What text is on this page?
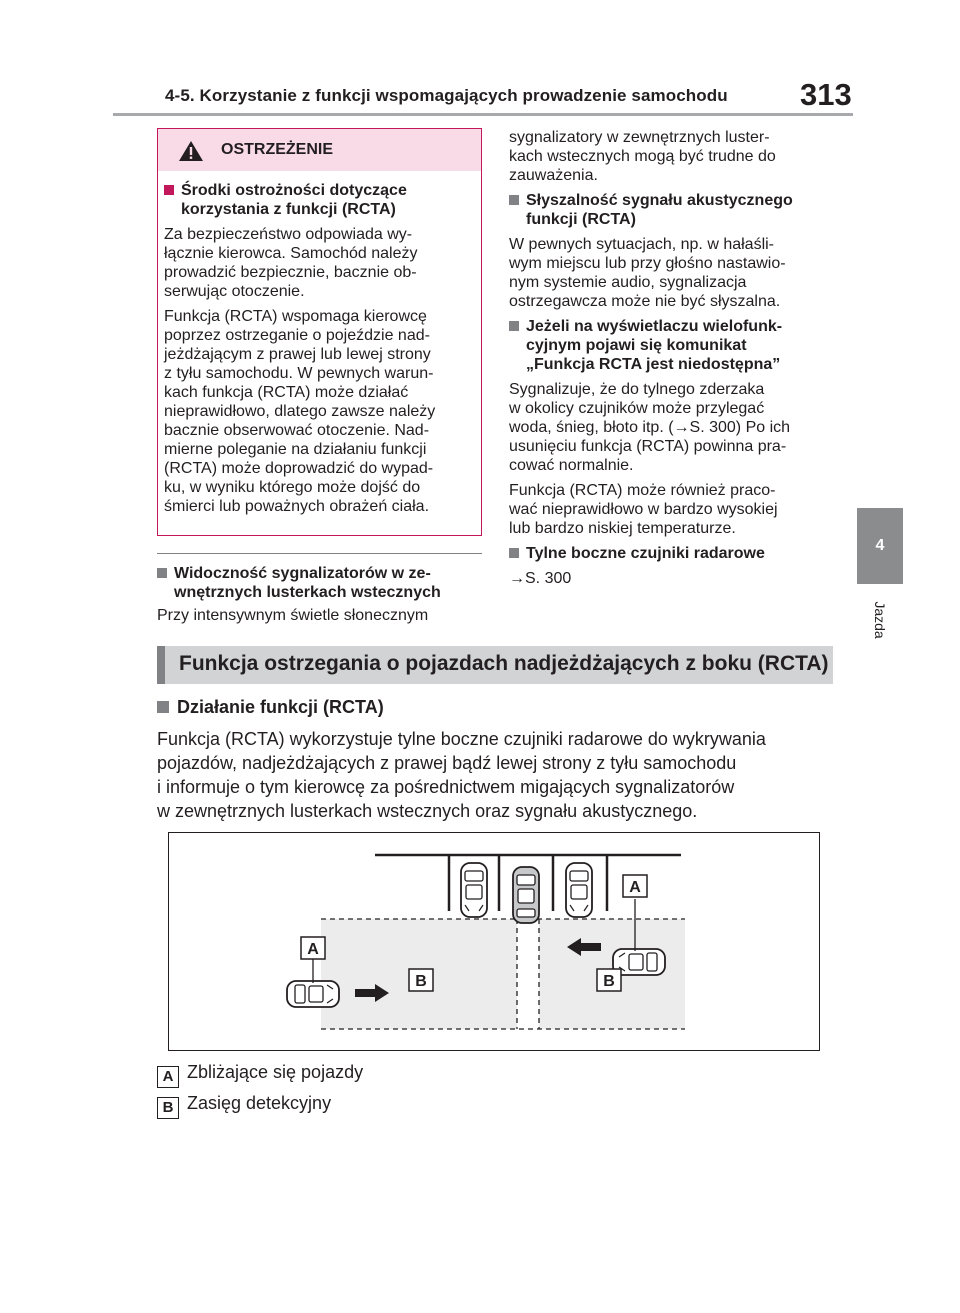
4-5. Korzystanie z funkcji wspomagających prowadzenie samochodu 313
4
Jazda
OSTRZEŻENIE
Środki ostrożności dotyczące korzystania z funkcji (RCTA)
Za bezpieczeństwo odpowiada wy-
łącznie kierowca. Samochód należy
prowadzić bezpiecznie, bacznie ob-
serwując otoczenie.
Funkcja (RCTA) wspomaga kierowcę
poprzez ostrzeganie o pojeździe nad-
jeżdżającym z prawej lub lewej strony
z tyłu samochodu. W pewnych warun-
kach funkcja (RCTA) może działać
nieprawidłowo, dlatego zawsze należy
bacznie obserwować otoczenie. Nad-
mierne poleganie na działaniu funkcji
(RCTA) może doprowadzić do wypad-
ku, w wyniku którego może dojść do
śmierci lub poważnych obrażeń ciała.
Widoczność sygnalizatorów w ze-
wnętrznych lusterkach wstecznych
Przy intensywnym świetle słonecznym
sygnalizatory w zewnętrznych luster-
kach wstecznych mogą być trudne do
zauważenia.
Słyszalność sygnału akustycznego
funkcji (RCTA)
W pewnych sytuacjach, np. w hałaśli-
wym miejscu lub przy głośno nastawio-
nym systemie audio, sygnalizacja
ostrzegawcza może nie być słyszalna.
Jeżeli na wyświetlaczu wielofunk-
cyjnym pojawi się komunikat
„Funkcja RCTA jest niedostępna”
Sygnalizuje, że do tylnego zderzaka
w okolicy czujników może przylegać
woda, śnieg, błoto itp. (→S. 300) Po ich
usunięciu funkcja (RCTA) powinna pra-
cować normalnie.
Funkcja (RCTA) może również praco-
wać nieprawidłowo w bardzo wysokiej
lub bardzo niskiej temperaturze.
Tylne boczne czujniki radarowe
→S. 300
Funkcja ostrzegania o pojazdach nadjeżdżających z boku (RCTA)
Działanie funkcji (RCTA)
Funkcja (RCTA) wykorzystuje tylne boczne czujniki radarowe do wykrywania
pojazdów, nadjeżdżających z prawej bądź lewej strony z tyłu samochodu
i informuje o tym kierowcę za pośrednictwem migających sygnalizatorów
w zewnętrznych lusterkach wstecznych oraz sygnału akustycznego.
A
A
B	B
A Zbliżające się pojazdy
B Zasięg detekcyjny
